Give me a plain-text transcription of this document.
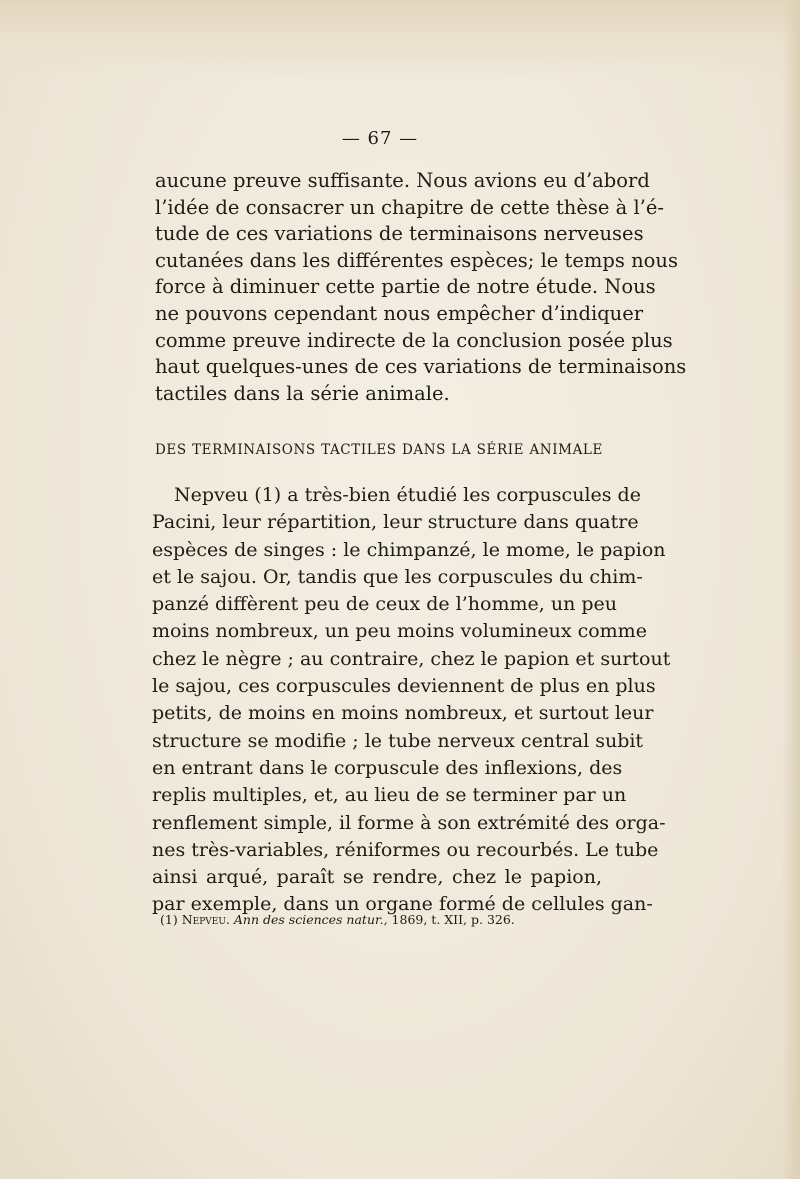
— 67 —
aucune preuve suffisante. Nous avions eu d’abord
l’idée de consacrer un chapitre de cette thèse à l’é-
tude de ces variations de terminaisons nerveuses
cutanées dans les différentes espèces; le temps nous
force à diminuer cette partie de notre étude. Nous
ne pouvons cependant nous empêcher d’indiquer
comme preuve indirecte de la conclusion posée plus
haut quelques-unes de ces variations de terminaisons
tactiles dans la série animale.
DES TERMINAISONS TACTILES DANS LA SÉRIE ANIMALE
Nepveu (1) a très-bien étudié les corpuscules de
Pacini, leur répartition, leur structure dans quatre
espèces de singes : le chimpanzé, le mome, le papion
et le sajou. Or, tandis que les corpuscules du chim-
panzé diffèrent peu de ceux de l’homme, un peu
moins nombreux, un peu moins volumineux comme
chez le nègre ; au contraire, chez le papion et surtout
le sajou, ces corpuscules deviennent de plus en plus
petits, de moins en moins nombreux, et surtout leur
structure se modifie ; le tube nerveux central subit
en entrant dans le corpuscule des inflexions, des
replis multiples, et, au lieu de se terminer par un
renflement simple, il forme à son extrémité des orga-
nes très-variables, réniformes ou recourbés. Le tube
ainsi arqué, paraît se rendre, chez le papion,
par exemple, dans un organe formé de cellules gan-
(1) Nepveu. Ann des sciences natur., 1869, t. XII, p. 326.
